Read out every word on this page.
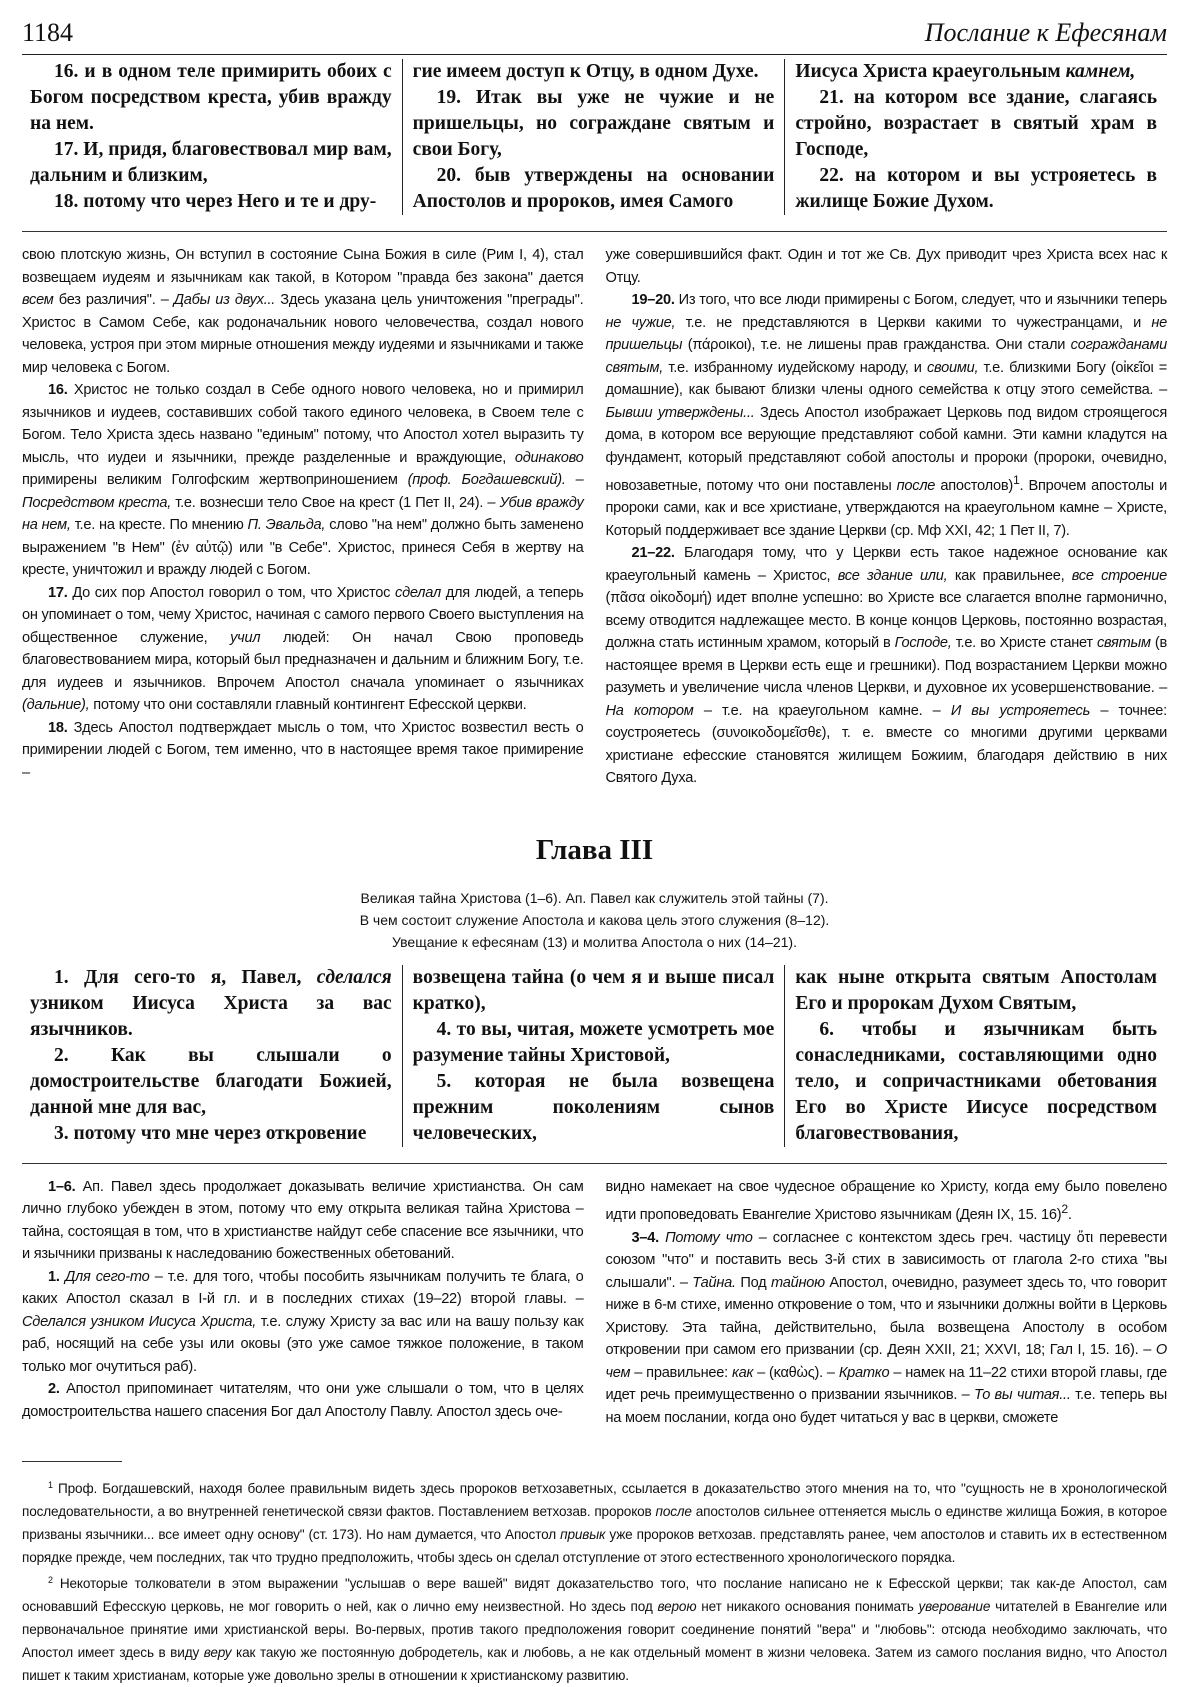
1184	Послание к Ефесянам

16. и в одном теле примирить обоих с Богом посредством креста, убив вражду на нем.

17. И, придя, благовествовал мир вам, дальним и близким,

18. потому что через Него и те и дру-

гие имеем доступ к Отцу, в одном Духе.

19. Итак вы уже не чужие и не пришельцы, но сограждане святым и свои Богу,

20. быв утверждены на основании Апостолов и пророков, имея Самого

Иисуса Христа краеугольным камнем,

21. на котором все здание, слагаясь стройно, возрастает в святый храм в Господе,

22. на котором и вы устрояетесь в жилище Божие Духом.

свою плотскую жизнь, Он вступил в состояние Сына Божия в силе (Рим I, 4), стал возвещаем иудеям и язычникам как такой, в Котором "правда без закона" дается всем без различия". – Дабы из двух... Здесь указана цель уничтожения "преграды". Христос в Самом Себе, как родоначальник нового человечества, создал нового человека, устроя при этом мирные отношения между иудеями и язычниками и также мир человека с Богом.

16. Христос не только создал в Себе одного нового человека, но и примирил язычников и иудеев, составивших собой такого единого человека, в Своем теле с Богом. Тело Христа здесь названо "единым" потому, что Апостол хотел выразить ту мысль, что иудеи и язычники, прежде разделенные и враждующие, одинаково примирены великим Голгофским жертвоприношением (проф. Богдашевский). – Посредством креста, т.е. вознесши тело Свое на крест (1 Пет II, 24). – Убив вражду на нем, т.е. на кресте. По мнению П. Эвальда, слово "на нем" должно быть заменено выражением "в Нем" (ἐν αὐτῷ) или "в Себе". Христос, принеся Себя в жертву на кресте, уничтожил и вражду людей с Богом.

17. До сих пор Апостол говорил о том, что Христос сделал для людей, а теперь он упоминает о том, чему Христос, начиная с самого первого Своего выступления на общественное служение, учил людей: Он начал Свою проповедь благовествованием мира, который был предназначен и дальним и ближним Богу, т.е. для иудеев и язычников. Впрочем Апостол сначала упоминает о язычниках (дальние), потому что они составляли главный контингент Ефесской церкви.

18. Здесь Апостол подтверждает мысль о том, что Христос возвестил весть о примирении людей с Богом, тем именно, что в настоящее время такое примирение –

уже совершившийся факт. Один и тот же Св. Дух приводит чрез Христа всех нас к Отцу.

19–20. Из того, что все люди примирены с Богом, следует, что и язычники теперь не чужие, т.е. не представляются в Церкви какими то чужестранцами, и не пришельцы (πάροικοι), т.е. не лишены прав гражданства. Они стали согражданами святым, т.е. избранному иудейскому народу, и своими, т.е. близкими Богу (οἰκεῖοι = домашние), как бывают близки члены одного семейства к отцу этого семейства. – Бывши утверждены... Здесь Апостол изображает Церковь под видом строящегося дома, в котором все верующие представляют собой камни. Эти камни кладутся на фундамент, который представляют собой апостолы и пророки (пророки, очевидно, новозаветные, потому что они поставлены после апостолов)$^1$. Впрочем апостолы и пророки сами, как и все христиане, утверждаются на краеугольном камне – Христе, Который поддерживает все здание Церкви (ср. Мф XXI, 42; 1 Пет II, 7).

21–22. Благодаря тому, что у Церкви есть такое надежное основание как краеугольный камень – Христос, все здание или, как правильнее, все строение (πᾶσα οἰκοδομή) идет вполне успешно: во Христе все слагается вполне гармонично, всему отводится надлежащее место. В конце концов Церковь, постоянно возрастая, должна стать истинным храмом, который в Господе, т.е. во Христе станет святым (в настоящее время в Церкви есть еще и грешники). Под возрастанием Церкви можно разуметь и увеличение числа членов Церкви, и духовное их усовершенствование. – На котором – т.е. на краеугольном камне. – И вы устрояетесь – точнее: соустрояетесь (συνοικοδομεῖσθε), т. е. вместе со многими другими церквами христиане ефесские становятся жилищем Божиим, благодаря действию в них Святого Духа.

Глава III
Великая тайна Христова (1–6). Ап. Павел как служитель этой тайны (7).
В чем состоит служение Апостола и какова цель этого служения (8–12).
Увещание к ефесянам (13) и молитва Апостола о них (14–21).

1. Для сего-то я, Павел, сделался узником Иисуса Христа за вас язычников.

2. Как вы слышали о домостроительстве благодати Божией, данной мне для вас,

3. потому что мне через откровение

возвещена тайна (о чем я и выше писал кратко),

4. то вы, читая, можете усмотреть мое разумение тайны Христовой,

5. которая не была возвещена прежним поколениям сынов человеческих,

как ныне открыта святым Апостолам Его и пророкам Духом Святым,

6. чтобы и язычникам быть сонаследниками, составляющими одно тело, и сопричастниками обетования Его во Христе Иисусе посредством благовествования,

1–6. Ап. Павел здесь продолжает доказывать величие христианства. Он сам лично глубоко убежден в этом, потому что ему открыта великая тайна Христова – тайна, состоящая в том, что в христианстве найдут себе спасение все язычники, что и язычники призваны к наследованию божественных обетований.

1. Для сего-то – т.е. для того, чтобы пособить язычникам получить те блага, о каких Апостол сказал в I-й гл. и в последних стихах (19–22) второй главы. – Сделался узником Иисуса Христа, т.е. служу Христу за вас или на вашу пользу как раб, носящий на себе узы или оковы (это уже самое тяжкое положение, в таком только мог очутиться раб).

2. Апостол припоминает читателям, что они уже слышали о том, что в целях домостроительства нашего спасения Бог дал Апостолу Павлу. Апостол здесь оче-

видно намекает на свое чудесное обращение ко Христу, когда ему было повелено идти проповедовать Евангелие Христово язычникам (Деян IX, 15. 16)$^2$.

3–4. Потому что – согласнее с контекстом здесь греч. частицу ὅτι перевести союзом "что" и поставить весь 3-й стих в зависимость от глагола 2-го стиха "вы слышали". – Тайна. Под тайною Апостол, очевидно, разумеет здесь то, что говорит ниже в 6-м стихе, именно откровение о том, что и язычники должны войти в Церковь Христову. Эта тайна, действительно, была возвещена Апостолу в особом откровении при самом его призвании (ср. Деян XXII, 21; XXVI, 18; Гал I, 15. 16). – О чем – правильнее: как – (καθὼς). – Кратко – намек на 11–22 стихи второй главы, где идет речь преимущественно о призвании язычников. – То вы читая... т.е. теперь вы на моем послании, когда оно будет читаться у вас в церкви, сможете

$^1$ Проф. Богдашевский, находя более правильным видеть здесь пророков ветхозаветных, ссылается в доказательство этого мнения на то, что "сущность не в хронологической последовательности, а во внутренней генетической связи фактов. Поставлением ветхозав. пророков после апостолов сильнее оттеняется мысль о единстве жилища Божия, в которое призваны язычники... все имеет одну основу" (ст. 173). Но нам думается, что Апостол привык уже пророков ветхозав. представлять ранее, чем апостолов и ставить их в естественном порядке прежде, чем последних, так что трудно предположить, чтобы здесь он сделал отступление от этого естественного хронологического порядка.

$^2$ Некоторые толкователи в этом выражении "услышав о вере вашей" видят доказательство того, что послание написано не к Ефесской церкви; так как-де Апостол, сам основавший Ефесскую церковь, не мог говорить о ней, как о лично ему неизвестной. Но здесь под верою нет никакого основания понимать уверование читателей в Евангелие или первоначальное принятие ими христианской веры. Во-первых, против такого предположения говорит соединение понятий "вера" и "любовь": отсюда необходимо заключать, что Апостол имеет здесь в виду веру как такую же постоянную добродетель, как и любовь, а не как отдельный момент в жизни человека. Затем из самого послания видно, что Апостол пишет к таким христианам, которые уже довольно зрелы в отношении к христианскому развитию.
